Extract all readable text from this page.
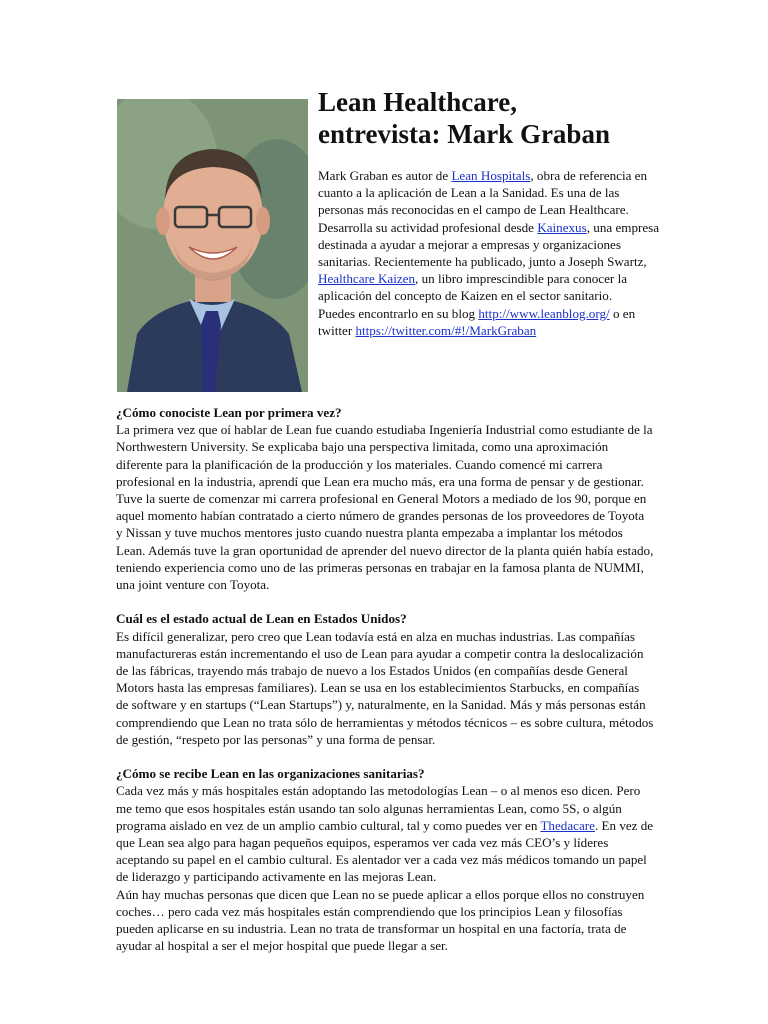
Lean Healthcare,
entrevista: Mark Graban

Mark Graban es autor de Lean Hospitals, obra de referencia en cuanto a la aplicación de Lean a la Sanidad. Es una de las personas más reconocidas en el campo de Lean Healthcare. Desarrolla su actividad profesional desde Kainexus, una empresa destinada a ayudar a mejorar a empresas y organizaciones sanitarias. Recientemente ha publicado, junto a Joseph Swartz, Healthcare Kaizen, un libro imprescindible para conocer la aplicación del concepto de Kaizen en el sector sanitario.
Puedes encontrarlo en su blog http://www.leanblog.org/ o en twitter https://twitter.com/#!/MarkGraban

¿Cómo conociste Lean por primera vez?

La primera vez que oí hablar de Lean fue cuando estudiaba Ingeniería Industrial como estudiante de la Northwestern University. Se explicaba bajo una perspectiva limitada, como una aproximación diferente para la planificación de la producción y los materiales. Cuando comencé mi carrera profesional en la industria, aprendí que Lean era mucho más, era una forma de pensar y de gestionar. Tuve la suerte de comenzar mi carrera profesional en General Motors a mediado de los 90, porque en aquel momento habían contratado a cierto número de grandes personas de los proveedores de Toyota y Nissan y tuve muchos mentores justo cuando nuestra planta empezaba a implantar los métodos Lean. Además tuve la gran oportunidad de aprender del nuevo director de la planta quién había estado, teniendo experiencia como uno de las primeras personas en trabajar en la famosa planta de NUMMI, una joint venture con Toyota.

Cuál es el estado actual de Lean en Estados Unidos?

Es difícil generalizar, pero creo que Lean todavía está en alza en muchas industrias. Las compañías manufactureras están incrementando el uso de Lean para ayudar a competir contra la deslocalización de las fábricas, trayendo más trabajo de nuevo a los Estados Unidos (en compañías desde General Motors hasta las empresas familiares). Lean se usa en los establecimientos Starbucks, en compañías de software y en startups (“Lean Startups”) y, naturalmente, en la Sanidad. Más y más personas están comprendiendo que Lean no trata sólo de herramientas y métodos técnicos – es sobre cultura, métodos de gestión, “respeto por las personas” y una forma de pensar.

¿Cómo se recibe Lean en las organizaciones sanitarias?

Cada vez más y más hospitales están adoptando las metodologías Lean – o al menos eso dicen. Pero me temo que esos hospitales están usando tan solo algunas herramientas Lean, como 5S, o algún programa aislado en vez de un amplio cambio cultural, tal y como puedes ver en Thedacare. En vez de que Lean sea algo para hagan pequeños equipos, esperamos ver cada vez más CEO’s y líderes aceptando su papel en el cambio cultural. Es alentador ver a cada vez más médicos tomando un papel de liderazgo y participando activamente en las mejoras Lean.

Aún hay muchas personas que dicen que Lean no se puede aplicar a ellos porque ellos no construyen coches… pero cada vez más hospitales están comprendiendo que los principios Lean y filosofías pueden aplicarse en su industria. Lean no trata de transformar un hospital en una factoría, trata de ayudar al hospital a ser el mejor hospital que puede llegar a ser.
